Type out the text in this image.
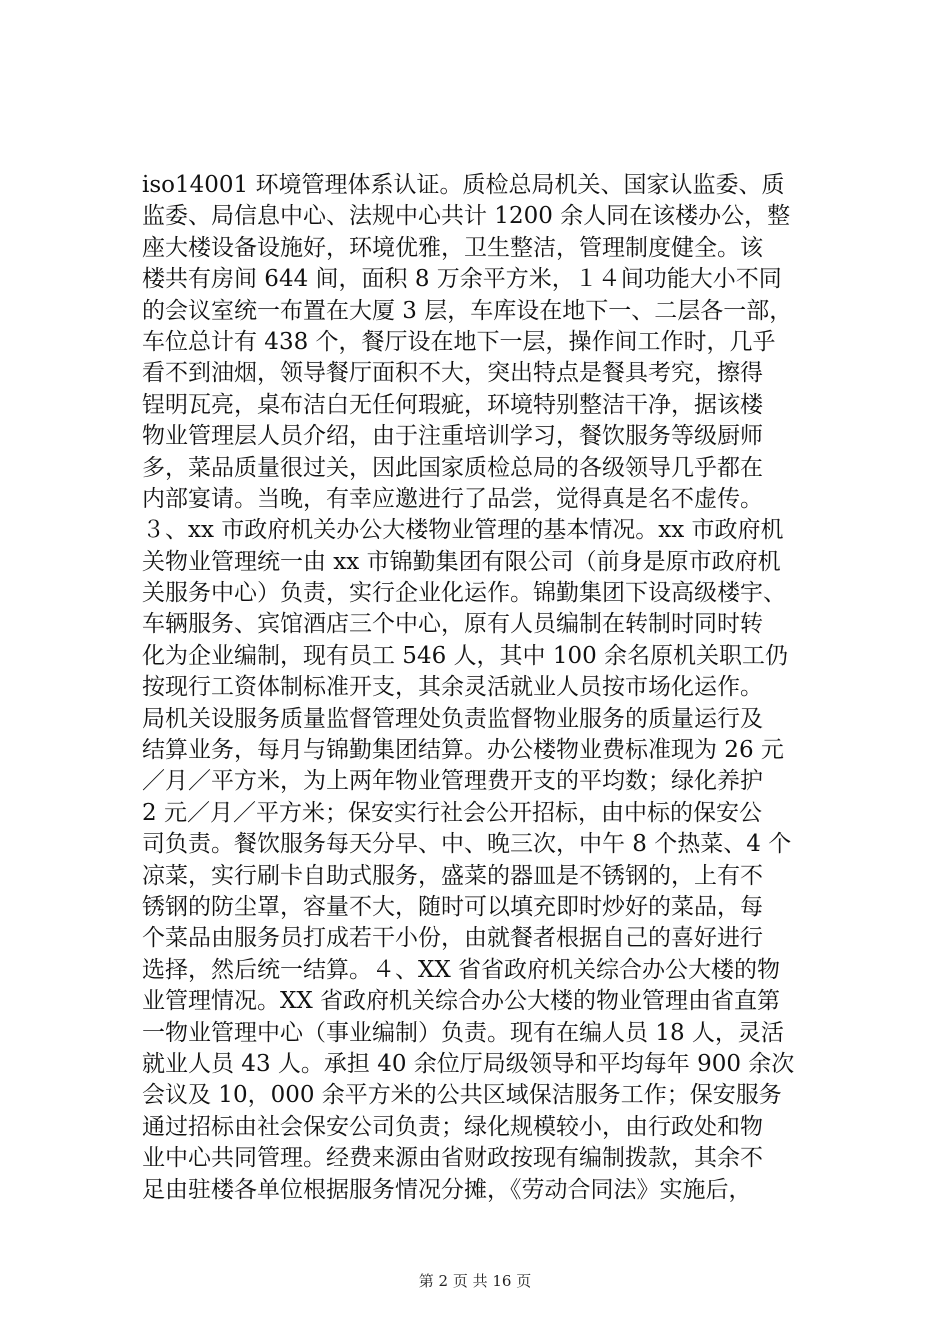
iso14001 环境管理体系认证。质检总局机关、国家认监委、质
监委、局信息中心、法规中心共计 1200 余人同在该楼办公，整
座大楼设备设施好，环境优雅，卫生整洁，管理制度健全。该
楼共有房间 644 间，面积 8 万余平方米，１４间功能大小不同
的会议室统一布置在大厦 3 层，车库设在地下一、二层各一部，
车位总计有 438 个，餐厅设在地下一层，操作间工作时，几乎
看不到油烟，领导餐厅面积不大，突出特点是餐具考究，擦得
锃明瓦亮，桌布洁白无任何瑕疵，环境特别整洁干净，据该楼
物业管理层人员介绍，由于注重培训学习，餐饮服务等级厨师
多，菜品质量很过关，因此国家质检总局的各级领导几乎都在
内部宴请。当晚，有幸应邀进行了品尝，觉得真是名不虚传。
３、xx 市政府机关办公大楼物业管理的基本情况。xx 市政府机
关物业管理统一由 xx 市锦勤集团有限公司（前身是原市政府机
关服务中心）负责，实行企业化运作。锦勤集团下设高级楼宇、
车辆服务、宾馆酒店三个中心，原有人员编制在转制时同时转
化为企业编制，现有员工 546 人，其中 100 余名原机关职工仍
按现行工资体制标准开支，其余灵活就业人员按市场化运作。
局机关设服务质量监督管理处负责监督物业服务的质量运行及
结算业务，每月与锦勤集团结算。办公楼物业费标准现为 26 元
／月／平方米，为上两年物业管理费开支的平均数；绿化养护
2 元／月／平方米；保安实行社会公开招标，由中标的保安公
司负责。餐饮服务每天分早、中、晚三次，中午 8 个热菜、4 个
凉菜，实行刷卡自助式服务，盛菜的器皿是不锈钢的，上有不
锈钢的防尘罩，容量不大，随时可以填充即时炒好的菜品，每
个菜品由服务员打成若干小份，由就餐者根据自己的喜好进行
选择，然后统一结算。４、XX 省省政府机关综合办公大楼的物
业管理情况。XX 省政府机关综合办公大楼的物业管理由省直第
一物业管理中心（事业编制）负责。现有在编人员 18 人，灵活
就业人员 43 人。承担 40 余位厅局级领导和平均每年 900 余次
会议及 10，000 余平方米的公共区域保洁服务工作；保安服务
通过招标由社会保安公司负责；绿化规模较小，由行政处和物
业中心共同管理。经费来源由省财政按现有编制拨款，其余不
足由驻楼各单位根据服务情况分摊，《劳动合同法》实施后，
第 2 页 共 16 页
